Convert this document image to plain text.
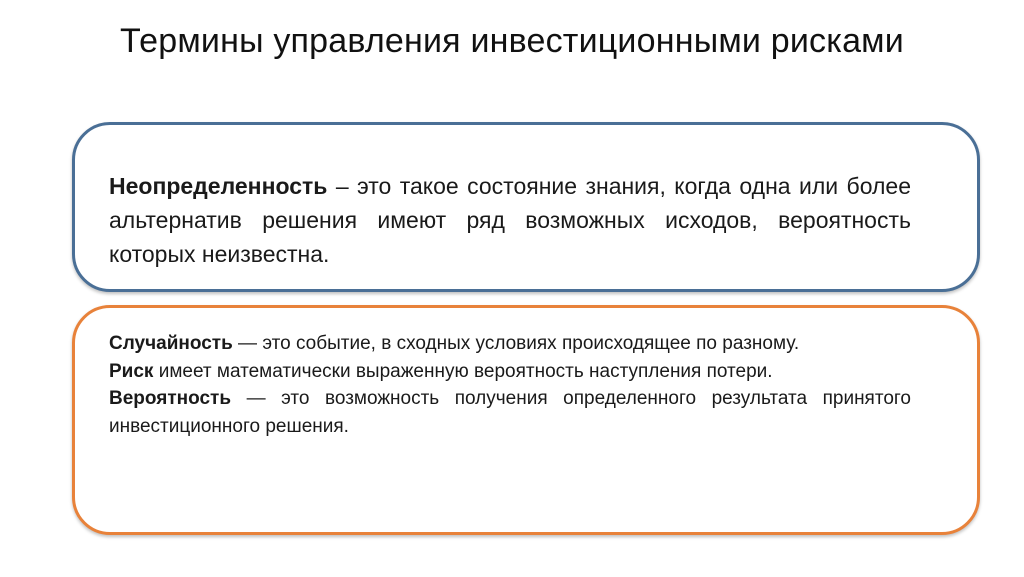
Термины управления инвестиционными рисками

Неопределенность – это такое состояние знания, когда одна или более альтернатив решения имеют ряд возможных исходов, вероятность которых неизвестна.

Случайность — это событие, в сходных условиях происходящее по разному.

Риск имеет математически выраженную вероятность наступления потери.

Вероятность — это возможность получения определенного результата принятого инвестиционного решения.
